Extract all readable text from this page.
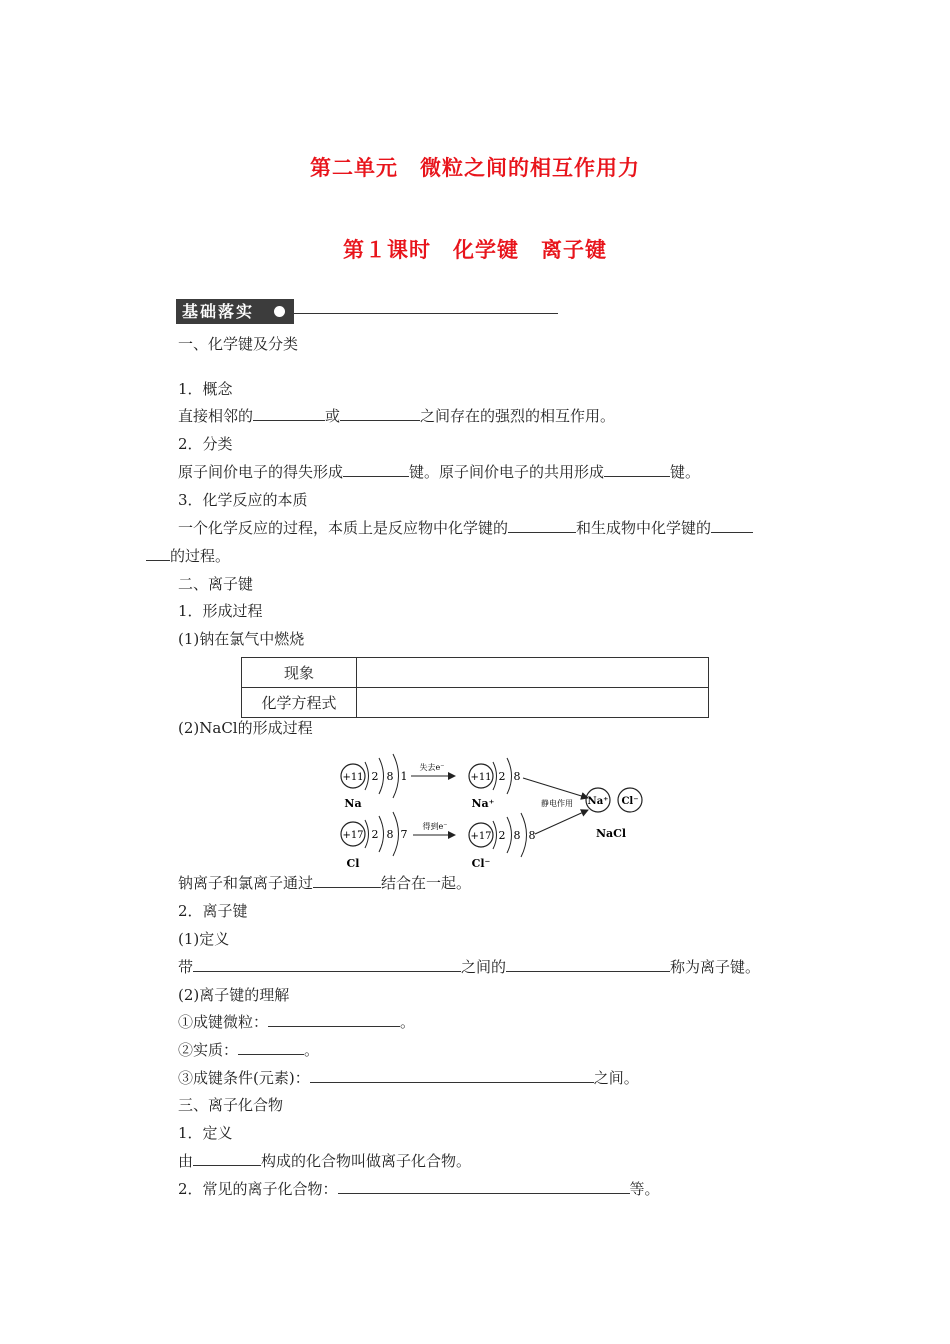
第二单元　微粒之间的相互作用力
第１课时　化学键　离子键
基础落实
一、化学键及分类
1．概念
直接相邻的	或	之间存在的强烈的相互作用。
2．分类
原子间价电子的得失形成	键。原子间价电子的共用形成	键。
3．化学反应的本质
一个化学反应的过程，本质上是反应物中化学键的	和生成物中化学键的
的过程。
二、离子键
1．形成过程
(1)钠在氯气中燃烧
现象	
化学方程式	
(2)NaCl的形成过程
+11 2 8 1
Na
失去e⁻
+11 2 8
Na⁺
+17 2 8 7
Cl
得到e⁻
+17 2 8 8
Cl⁻
静电作用 Na⁺ Cl⁻
NaCl
钠离子和氯离子通过	结合在一起。
2．离子键
(1)定义
带	之间的	称为离子键。
(2)离子键的理解
①成键微粒：	。
②实质：	。
③成键条件(元素)：	之间。
三、离子化合物
1．定义
由	构成的化合物叫做离子化合物。
2．常见的离子化合物：	等。
